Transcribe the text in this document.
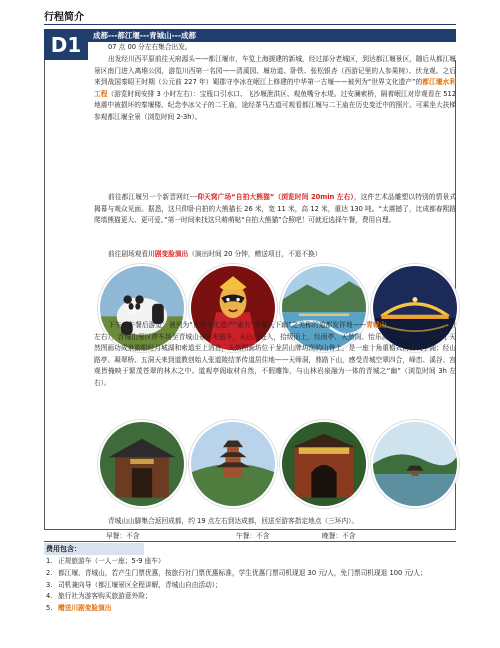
行程简介
D1	成都---都江堰---青城山---成都
07 点 00 分左右集合出发。
出发经川西平原前往天府源头——都江堰市，车览上海援建的新城，经过部分老城区，到达都江堰景区，随后从都江堰景区南门进入离堆公园，游览川西第一名园——清溪园、堰功道、卧铁、张松银杏（西游记里的人参果树）、伏龙观。之后来到战国秦昭王时期（公元前 227 年）蜀郡守李冰在岷江上修建的中华第一古堰——被列为“世界文化遗产”的都江堰水利工程（游览时间安排 3 小时左右）：宝瓶口引水口、飞沙堰泄洪区、观鱼嘴分水堤。过安澜索桥，隔着岷江对岸观看在 512 地震中被损坏的秦堰楼、纪念李冰父子的二王庙，途经茶马古道可观看都江堰与二王庙在历史变迁中的照片。可乘坐大扶梯参观都江堰全景（浏览时间 2-3h）。
前往都江堰另一个新晋网红---仰天窝广场“自拍大熊猫”（浏览时间 20min 左右），这件艺术品雕塑以特别的情景式揭幕与观众见面。据悉，这只仰卧自拍的大熊猫长 26 米，宽 11 米，高 12 米，重达 130 吨。“太震撼了，比成都春熙路爬墙熊猫更大、更可爱。”第一时间来找这只萌萌哒“自拍大熊猫”合照吧！可就近选择午餐，费用自理。
前往剧场观看川剧变脸演出（演出时间 20 分钟，赠送项目，不退不换）
下午：午餐后游览：被列为“世界文化遗产”素有“青城天下幽”之美称的道都发祥地——青城山（游览时间安排 3 小时左右），青城山景区停车场至青城山景区电瓶车，从山门进入，拾级而上，经雨亭、天然阁、怡乐窝、引胜亭，便来到了天然图画功成泉游船经月城湖和索道至上清宫，天然图画坊位于龙居山牌坊岗的山脊上，是一座十角重檐式的清代亭阁；经山路亭、凝翠桥、五洞天来到道教创始人张道陵结茅传道居住地——天师洞，鼎路下山，感受青城空翠四合，峰峦、溪谷、宫观皆掩映于繁茂苍翠的林木之中。道观亭阁取材自然，不假雕饰，与山林岩泉融为一体的青城之“幽”（浏览时间 3h 左右）。
青城山山脚集合返回成都，约 19 点左右到达成都，回送至游客指定地点（三环内）。
早餐：不含	午餐：不含	晚餐：不含
费用包含：
1. 正规旅游车（一人一座；5-9 座车）
2. 都江堰、青城山，若产生门票优惠，按旅行社门票优惠标准，学生优惠门票司机现退 30 元/人，免门票司机现退 100 元/人；
3. 司机兼向导（都江堰景区全程讲解，青城山自由活动）；
4. 旅行社为游客购买旅游意外险；
5. 赠送川剧变脸演出
